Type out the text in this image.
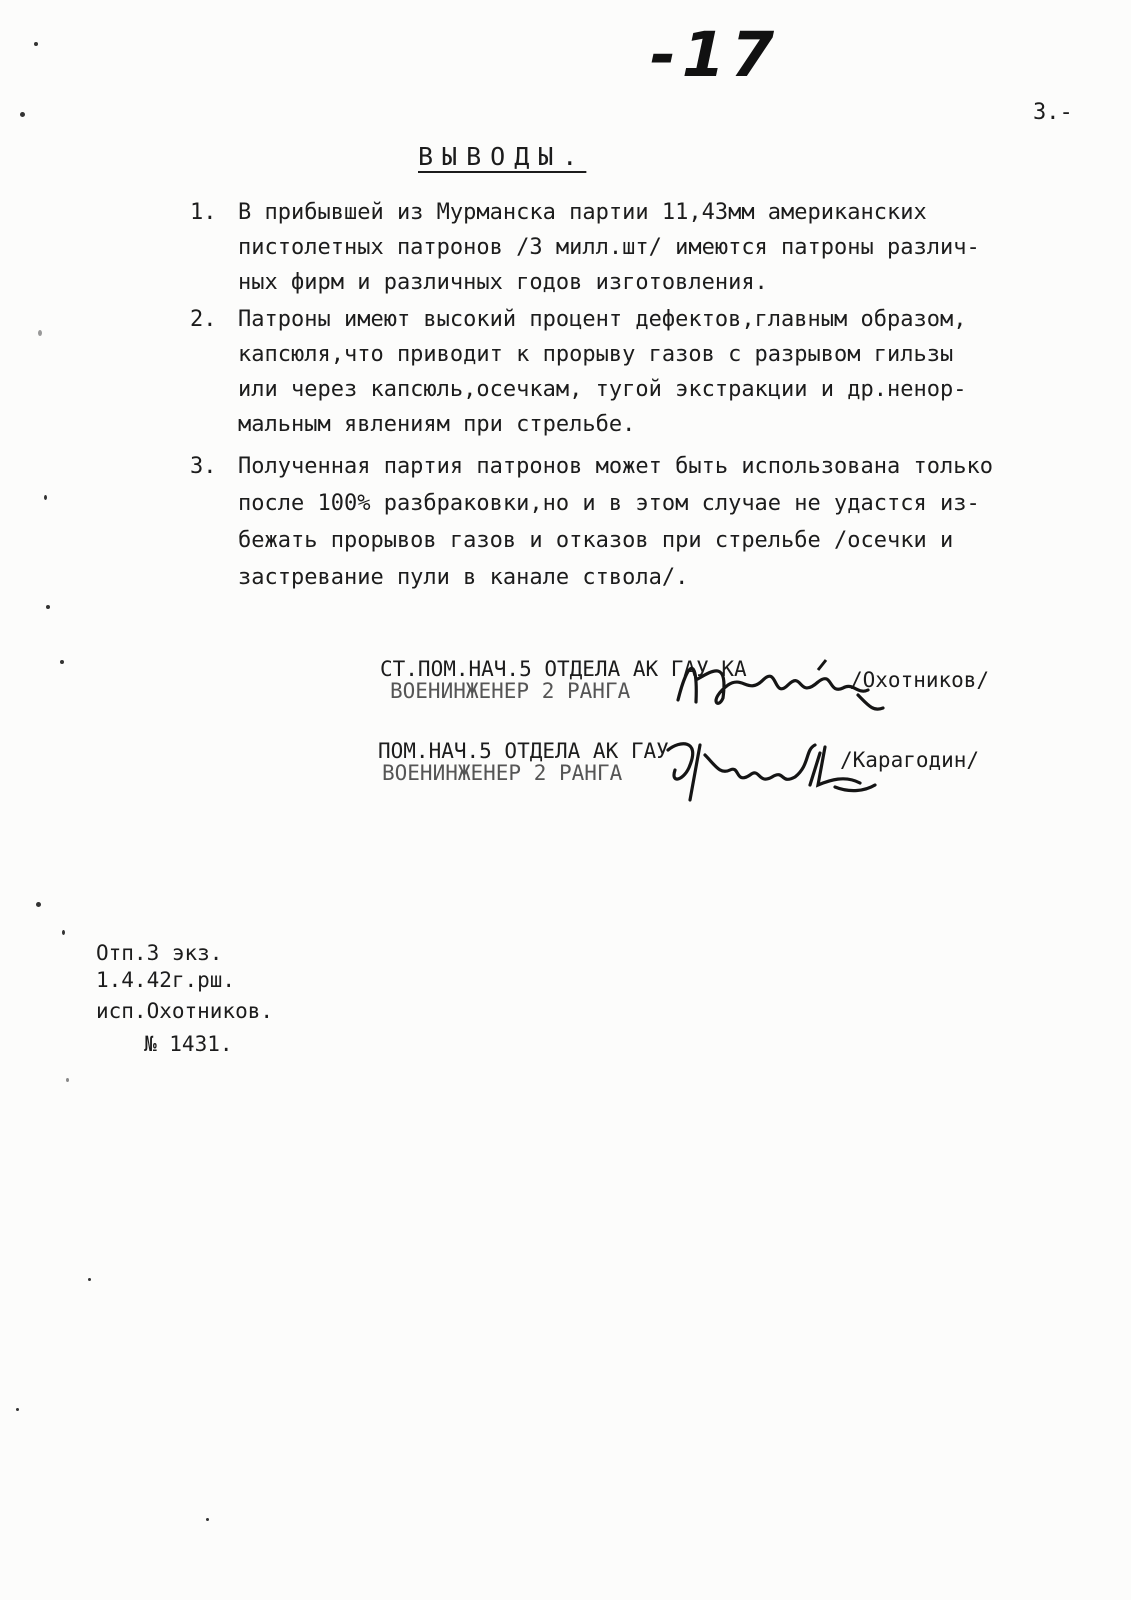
-17
3.-
ВЫВОДЫ.
1. В прибывшей из Мурманска партии 11,43мм американских
пистолетных патронов /3 милл.шт/ имеются патроны различ-
ных фирм и различных годов изготовления.
2. Патроны имеют высокий процент дефектов,главным образом,
капсюля,что приводит к прорыву газов с разрывом гильзы
или через капсюль,осечкам, тугой экстракции и др.ненор-
мальным явлениям при стрельбе.
3. Полученная партия патронов может быть использована только
после 100% разбраковки,но и в этом случае не удастся из-
бежать прорывов газов и отказов при стрельбе /осечки и
застревание пули в канале ствола/.
СТ.ПОМ.НАЧ.5 ОТДЕЛА АК ГАУ КА
ВОЕНИНЖЕНЕР 2 РАНГА	/Охотников/
ПОМ.НАЧ.5 ОТДЕЛА АК ГАУ
ВОЕНИНЖЕНЕР 2 РАНГА
/Карагодин/
Отп.3 экз.
1.4.42г.рш.
исп.Охотников.
№ 1431.
